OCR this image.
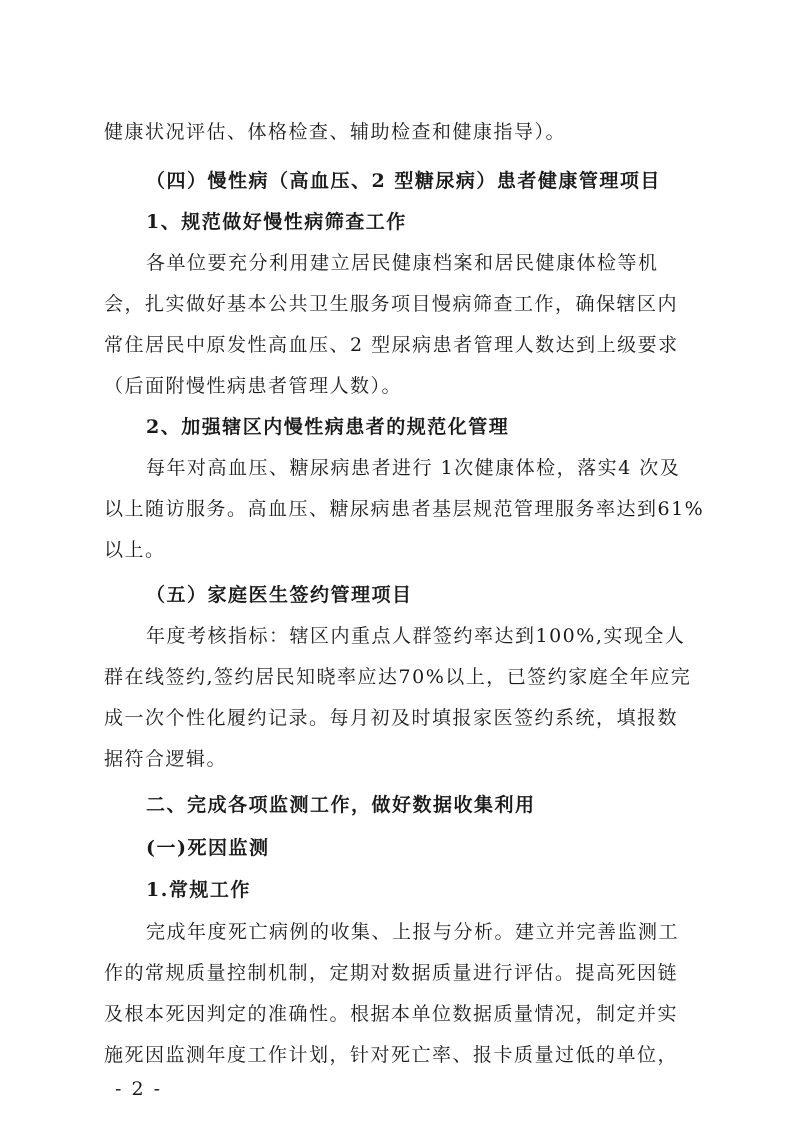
健康状况评估、体格检查、辅助检查和健康指导）。
（四）慢性病（高血压、2 型糖尿病）患者健康管理项目
1、规范做好慢性病筛查工作
各单位要充分利用建立居民健康档案和居民健康体检等机
会，扎实做好基本公共卫生服务项目慢病筛查工作，确保辖区内
常住居民中原发性高血压、2 型尿病患者管理人数达到上级要求
（后面附慢性病患者管理人数）。
2、加强辖区内慢性病患者的规范化管理
每年对高血压、糖尿病患者进行 1次健康体检，落实4 次及
以上随访服务。高血压、糖尿病患者基层规范管理服务率达到61%
以上。
（五）家庭医生签约管理项目
年度考核指标：辖区内重点人群签约率达到100%,实现全人
群在线签约,签约居民知晓率应达70%以上，已签约家庭全年应完
成一次个性化履约记录。每月初及时填报家医签约系统，填报数
据符合逻辑。
二、完成各项监测工作，做好数据收集利用
(一)死因监测
1.常规工作
完成年度死亡病例的收集、上报与分析。建立并完善监测工
作的常规质量控制机制，定期对数据质量进行评估。提高死因链
及根本死因判定的准确性。根据本单位数据质量情况，制定并实
施死因监测年度工作计划，针对死亡率、报卡质量过低的单位，
- 2 -
